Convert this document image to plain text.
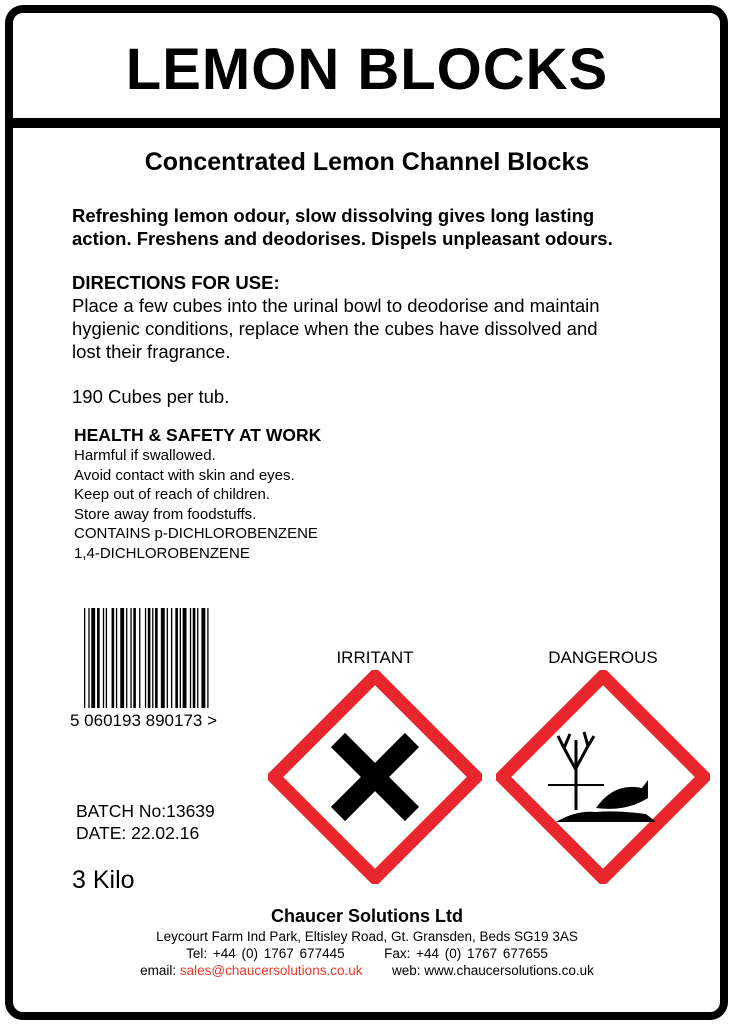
LEMON BLOCKS
Concentrated Lemon Channel Blocks
Refreshing lemon odour, slow dissolving gives long lasting
action. Freshens and deodorises. Dispels unpleasant odours.
DIRECTIONS FOR USE:
Place a few cubes into the urinal bowl to deodorise and maintain
hygienic conditions, replace when the cubes have dissolved and
lost their fragrance.
190 Cubes per tub.
HEALTH & SAFETY AT WORK
Harmful if swallowed.
Avoid contact with skin and eyes.
Keep out of reach of children.
Store away from foodstuffs.
CONTAINS p-DICHLOROBENZENE
1,4-DICHLOROBENZENE
5 060193 890173 >
BATCH No:13639
DATE: 22.02.16
3 Kilo
IRRITANT	DANGEROUS
Chaucer Solutions Ltd
Leycourt Farm Ind Park, Eltisley Road, Gt. Gransden, Beds SG19 3AS
Tel: +44 (0) 1767 677445	Fax: +44 (0) 1767 677655
email: sales@chaucersolutions.co.uk web: www.chaucersolutions.co.uk
